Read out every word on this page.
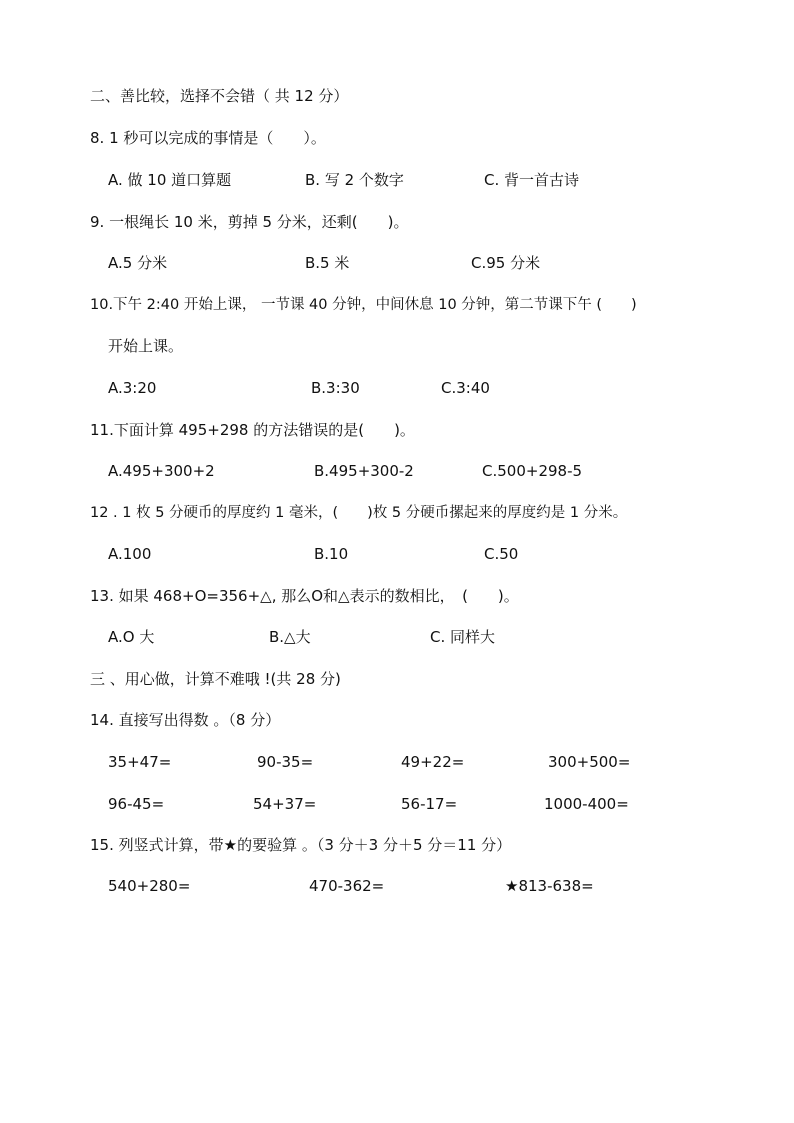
二、善比较，选择不会错（ 共 12 分）
8. 1 秒可以完成的事情是（　　）。
A. 做 10 道口算题	B. 写 2 个数字	C. 背一首古诗
9. 一根绳长 10 米，剪掉 5 分米，还剩(　　)。
A.5 分米	B.5 米	C.95 分米
10.下午 2:40 开始上课， 一节课 40 分钟，中间休息 10 分钟，第二节课下午 (　　)
开始上课。
A.3:20	B.3:30	C.3:40
11.下面计算 495+298 的方法错误的是(　　)。
A.495+300+2	B.495+300-2	C.500+298-5
12 . 1 枚 5 分硬币的厚度约 1 毫米，(　　)枚 5 分硬币摞起来的厚度约是 1 分米。
A.100	B.10	C.50
13. 如果 468+O=356+△, 那么O和△表示的数相比，　(　　)。
A.O 大	B.△大	C. 同样大
三 、用心做，计算不难哦 !(共 28 分)
14. 直接写出得数 。（8 分）
35+47=	90-35=	49+22=	300+500=
96-45=	54+37=	56-17=	1000-400=
15. 列竖式计算，带★的要验算 。（3 分＋3 分＋5 分＝11 分）
540+280=	470-362=	★813-638=
